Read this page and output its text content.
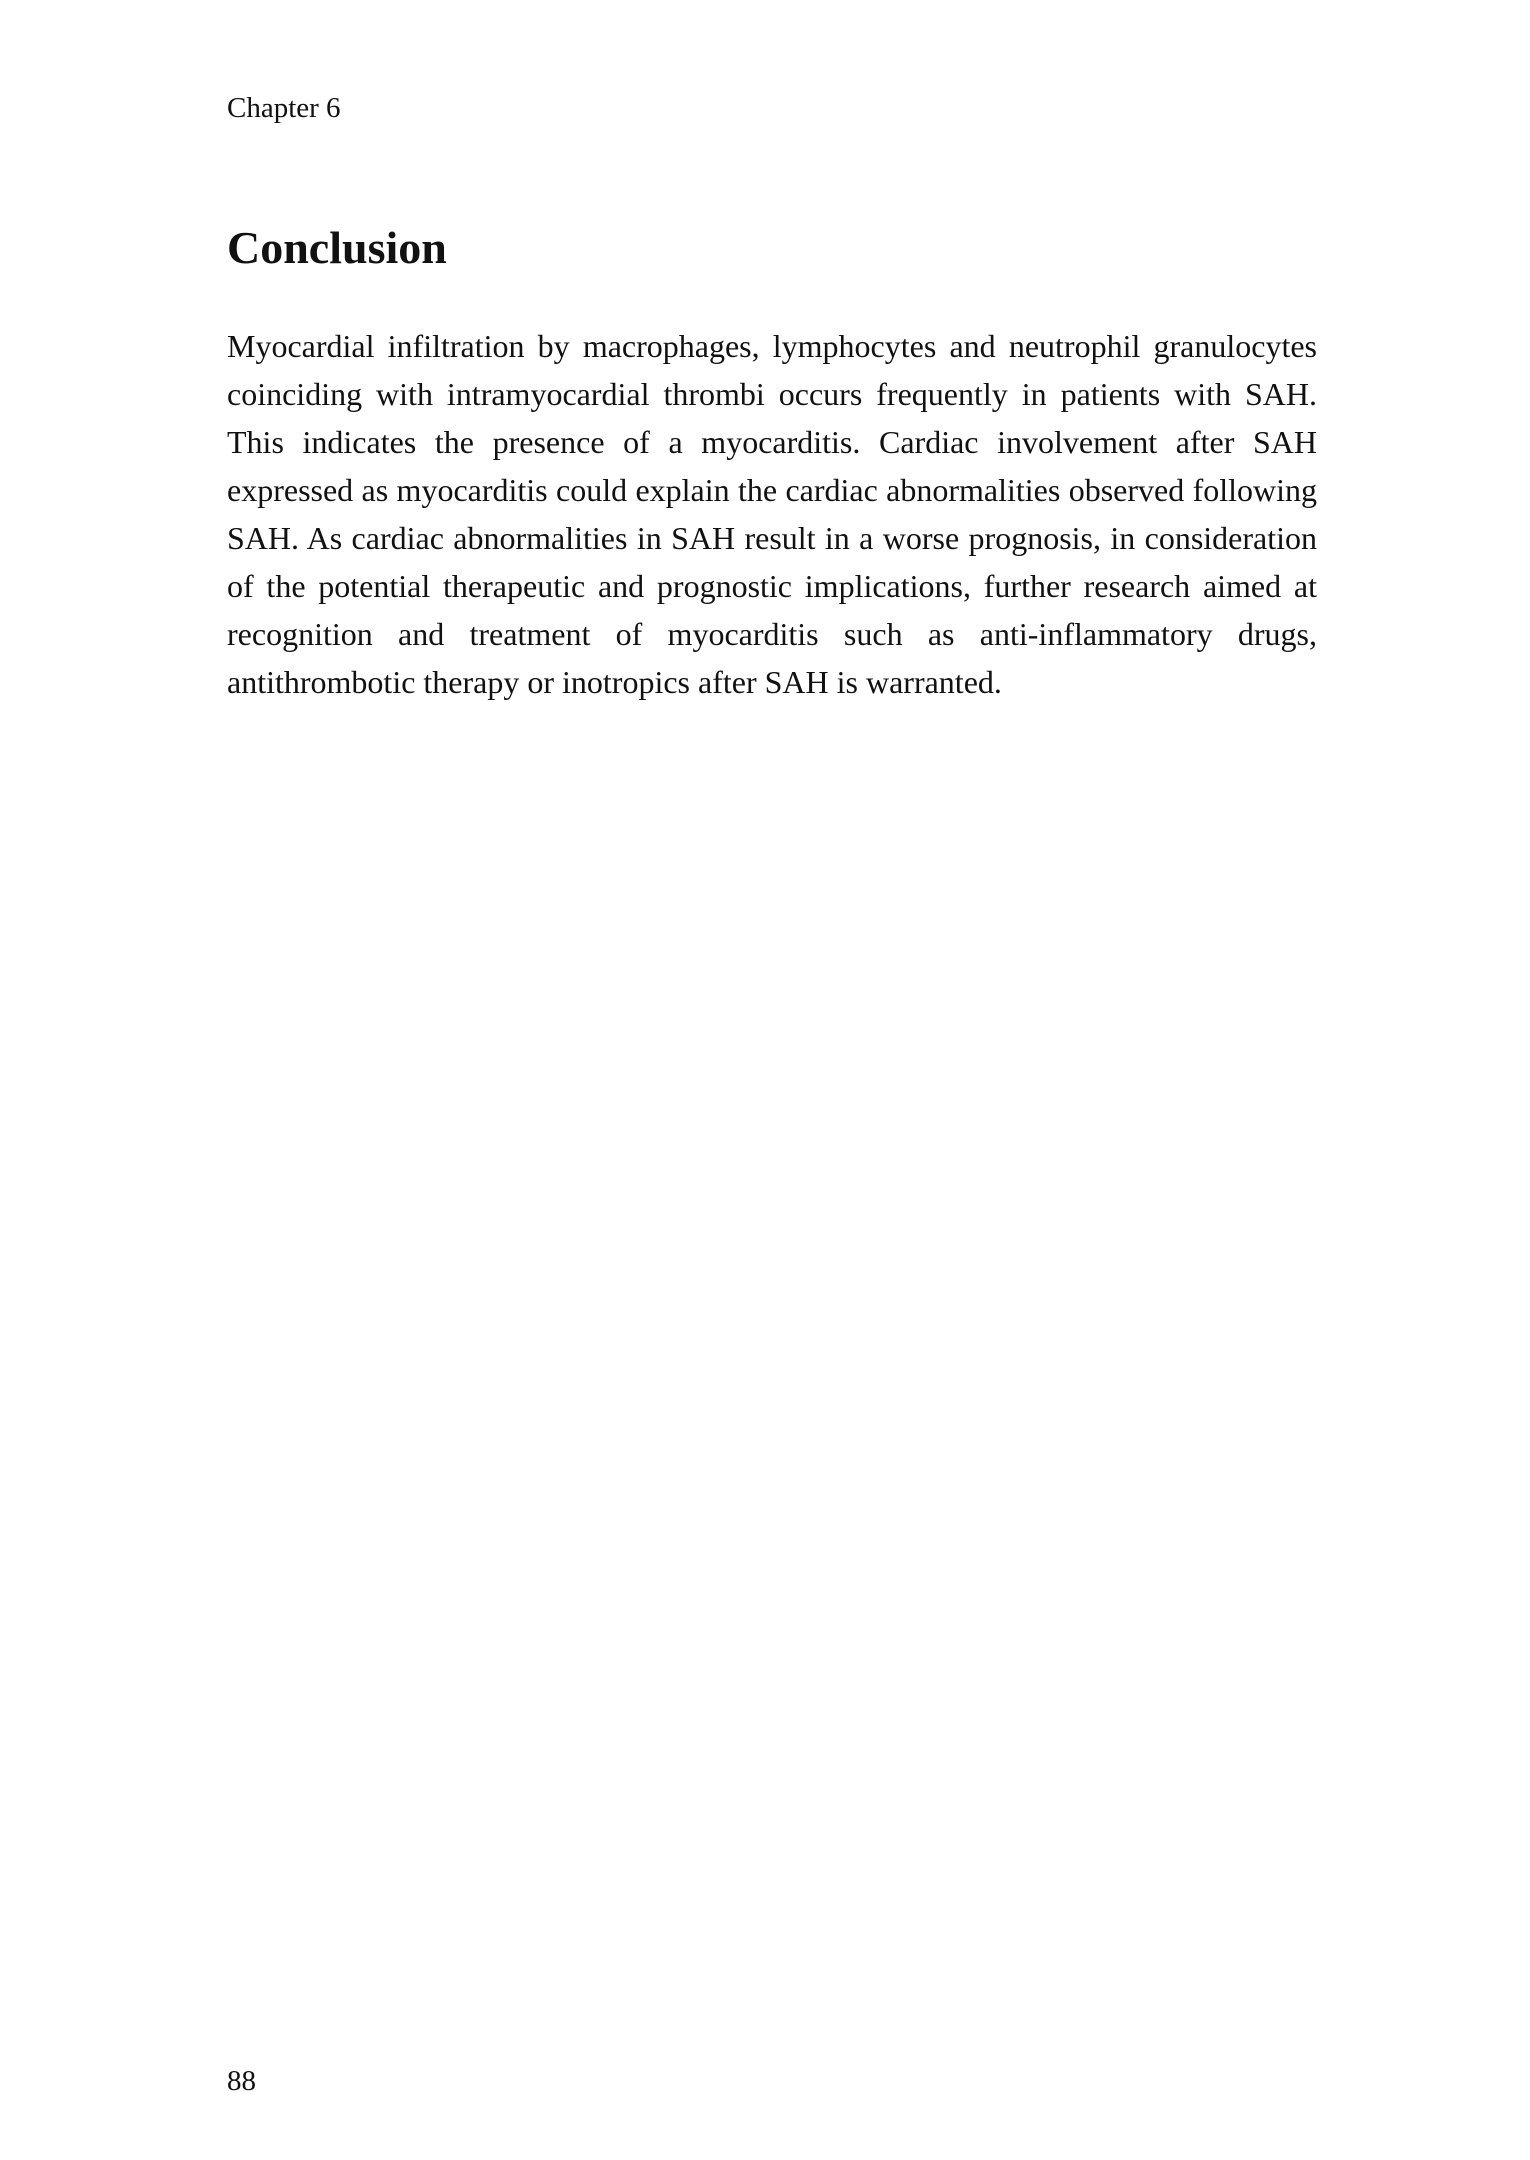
Chapter 6
Conclusion

Myocardial infiltration by macrophages, lymphocytes and neutrophil granulocytes coinciding with intramyocardial thrombi occurs frequently in patients with SAH. This indicates the presence of a myocarditis. Cardiac involvement after SAH expressed as myocarditis could explain the cardiac abnormalities observed following SAH. As cardiac abnormalities in SAH result in a worse prognosis, in consideration of the potential therapeutic and prognostic implications, further research aimed at recognition and treatment of myocarditis such as anti-inflammatory drugs, antithrombotic therapy or inotropics after SAH is warranted.

88
